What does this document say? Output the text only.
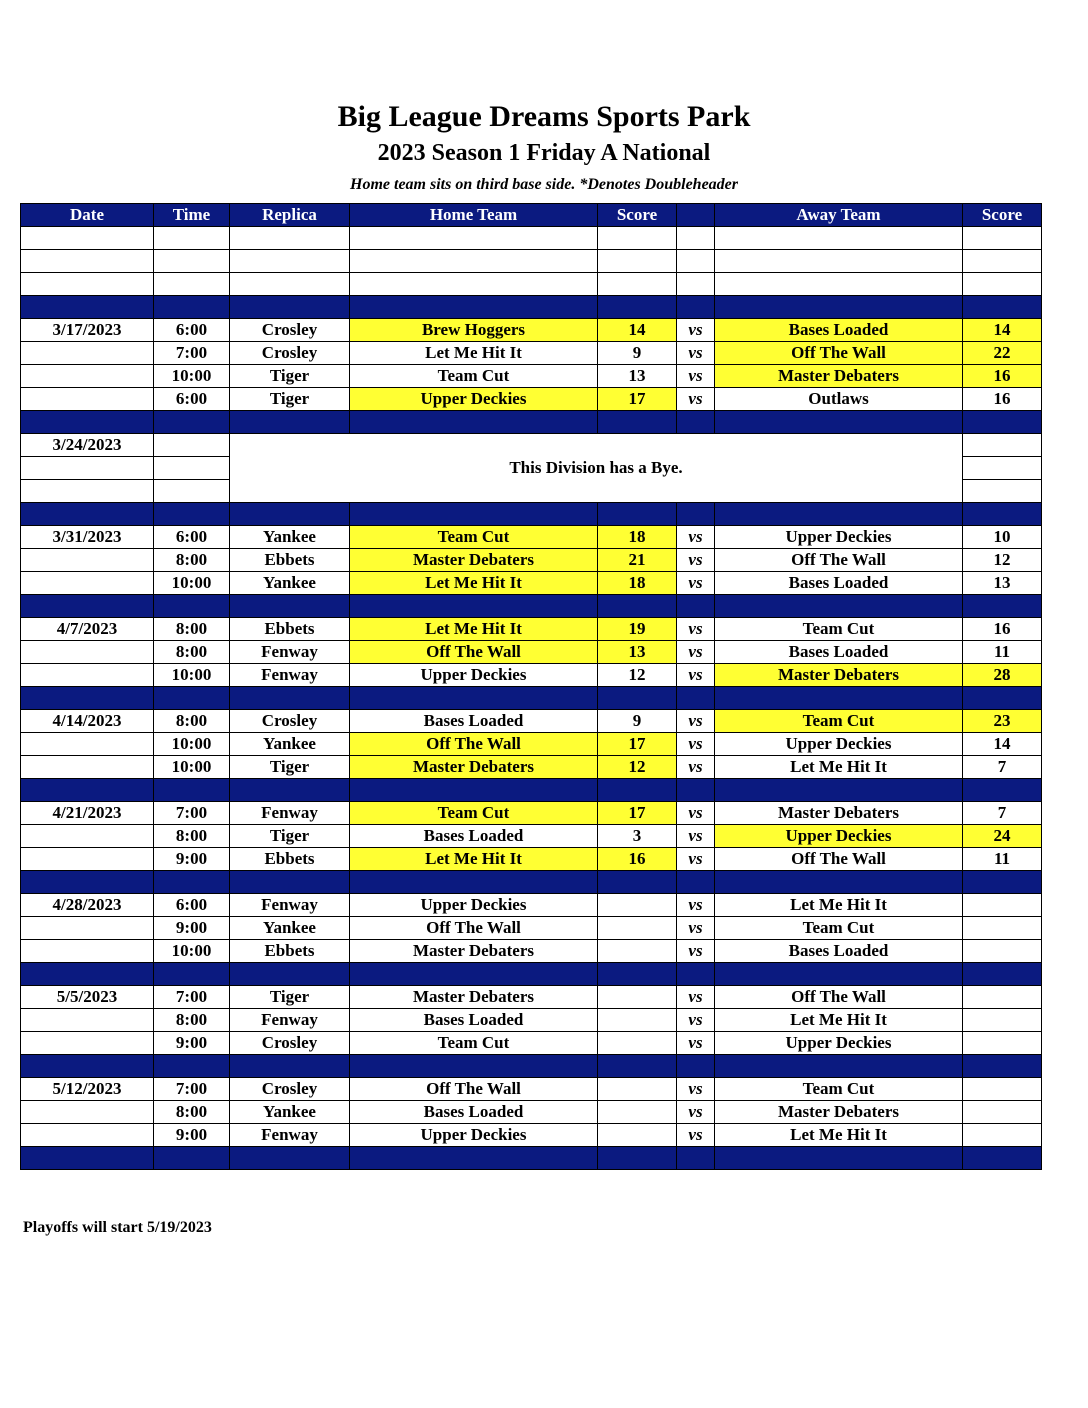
Big League Dreams Sports Park
2023 Season 1 Friday A National
Home team sits on third base side. *Denotes Doubleheader
Date	Time	Replica	Home Team	Score		Away Team	Score

3/17/2023	6:00	Crosley	Brew Hoggers	14	vs	Bases Loaded	14
	7:00	Crosley	Let Me Hit It	9	vs	Off The Wall	22
	10:00	Tiger	Team Cut	13	vs	Master Debaters	16
	6:00	Tiger	Upper Deckies	17	vs	Outlaws	16

3/24/2023		This Division has a Bye.					

3/31/2023	6:00	Yankee	Team Cut	18	vs	Upper Deckies	10
	8:00	Ebbets	Master Debaters	21	vs	Off The Wall	12
	10:00	Yankee	Let Me Hit It	18	vs	Bases Loaded	13

4/7/2023	8:00	Ebbets	Let Me Hit It	19	vs	Team Cut	16
	8:00	Fenway	Off The Wall	13	vs	Bases Loaded	11
	10:00	Fenway	Upper Deckies	12	vs	Master Debaters	28

4/14/2023	8:00	Crosley	Bases Loaded	9	vs	Team Cut	23
	10:00	Yankee	Off The Wall	17	vs	Upper Deckies	14
	10:00	Tiger	Master Debaters	12	vs	Let Me Hit It	7

4/21/2023	7:00	Fenway	Team Cut	17	vs	Master Debaters	7
	8:00	Tiger	Bases Loaded	3	vs	Upper Deckies	24
	9:00	Ebbets	Let Me Hit It	16	vs	Off The Wall	11

4/28/2023	6:00	Fenway	Upper Deckies		vs	Let Me Hit It	
	9:00	Yankee	Off The Wall		vs	Team Cut	
	10:00	Ebbets	Master Debaters		vs	Bases Loaded	

5/5/2023	7:00	Tiger	Master Debaters		vs	Off The Wall	
	8:00	Fenway	Bases Loaded		vs	Let Me Hit It	
	9:00	Crosley	Team Cut		vs	Upper Deckies	

5/12/2023	7:00	Crosley	Off The Wall		vs	Team Cut	
	8:00	Yankee	Bases Loaded		vs	Master Debaters	
	9:00	Fenway	Upper Deckies		vs	Let Me Hit It	

Playoffs will start 5/19/2023
